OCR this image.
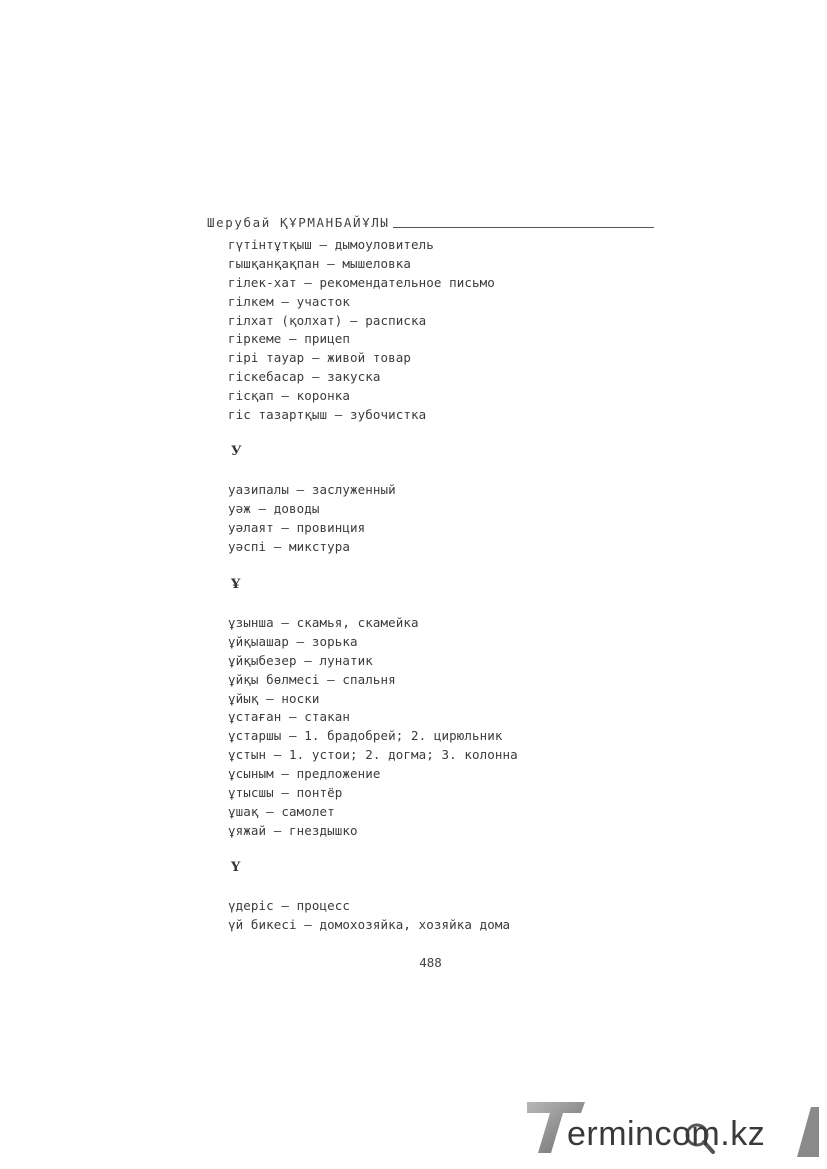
Шерубай ҚҰРМАНБАЙҰЛЫ
гүтінтұтқыш – дымоуловитель
гышқанқақпан – мышеловка
гілек-хат – рекомендательное письмо
гілкем – участок
гілхат (қолхат) – расписка
гіркеме – прицеп
гірі тауар – живой товар
гіскебасар – закуска
гісқап – коронка
гіс тазартқыш – зубочистка
У
уазипалы – заслуженный
уәж – доводы
уәлаят – провинция
уәспі – микстура
Ұ
ұзынша – скамья, скамейка
ұйқыашар – зорька
ұйқыбезер – лунатик
ұйқы бөлмесі – спальня
ұйық – носки
ұстаған – стакан
ұстаршы – 1. брадобрей; 2. цирюльник
ұстын – 1. устои; 2. догма; 3. колонна
ұсыным – предложение
ұтысшы – понтёр
ұшақ – самолет
ұяжай – гнездышко
Ү
үдеріс – процесс
үй бикесі – домохозяйка, хозяйка дома
488
ermincom.kz
